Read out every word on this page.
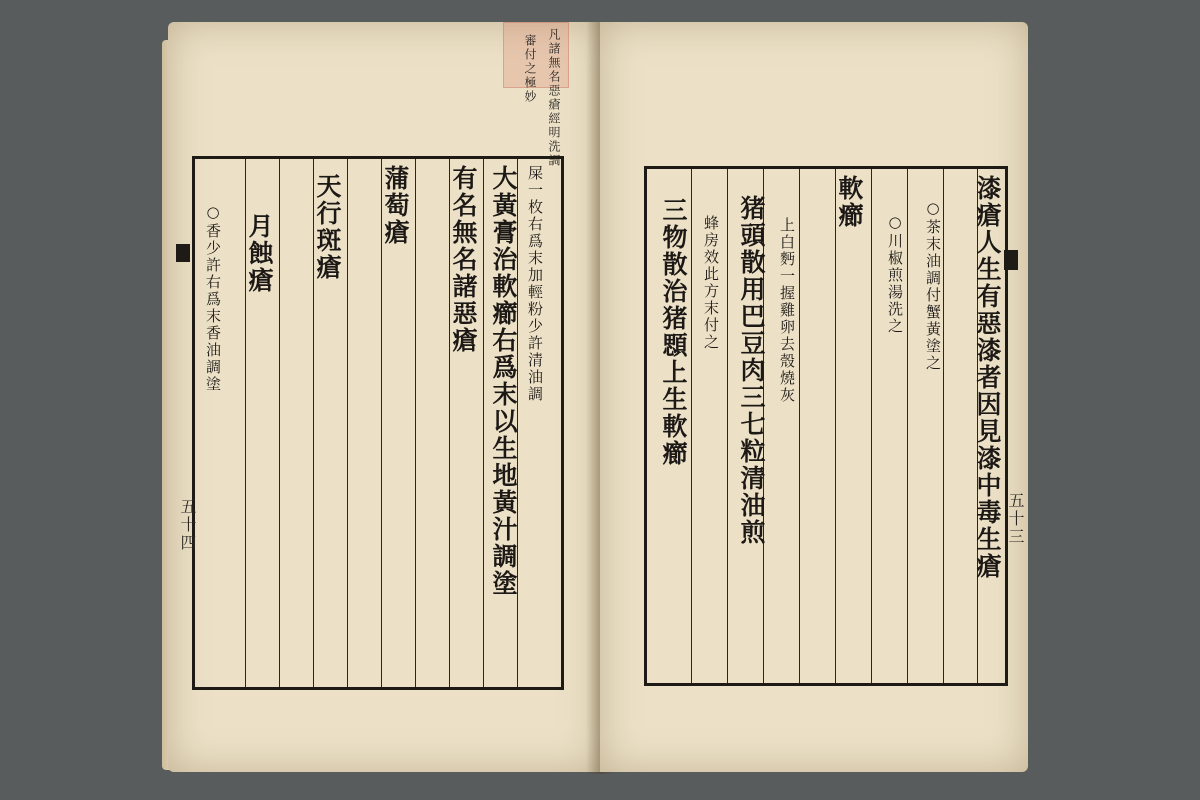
凡諸無名惡瘡經明洗調
審付之極妙
屎一枚右爲末加輕粉少許清油調
大黃膏治軟癤右爲末以生地黃汁調塗
有名無名諸惡瘡
蒲萄瘡
天行斑瘡
月蝕瘡
○香少許右爲末香油調塗
五十四	漆瘡人生有惡漆者因見漆中毒生瘡
○茶末油調付蟹黃塗之
○川椒煎湯洗之
軟癤
上白麪一握雞卵去殼燒灰
猪頭散用巴豆肉三七粒清油煎
蜂房效此方末付之
三物散治猪顋上生軟癤
五十三
